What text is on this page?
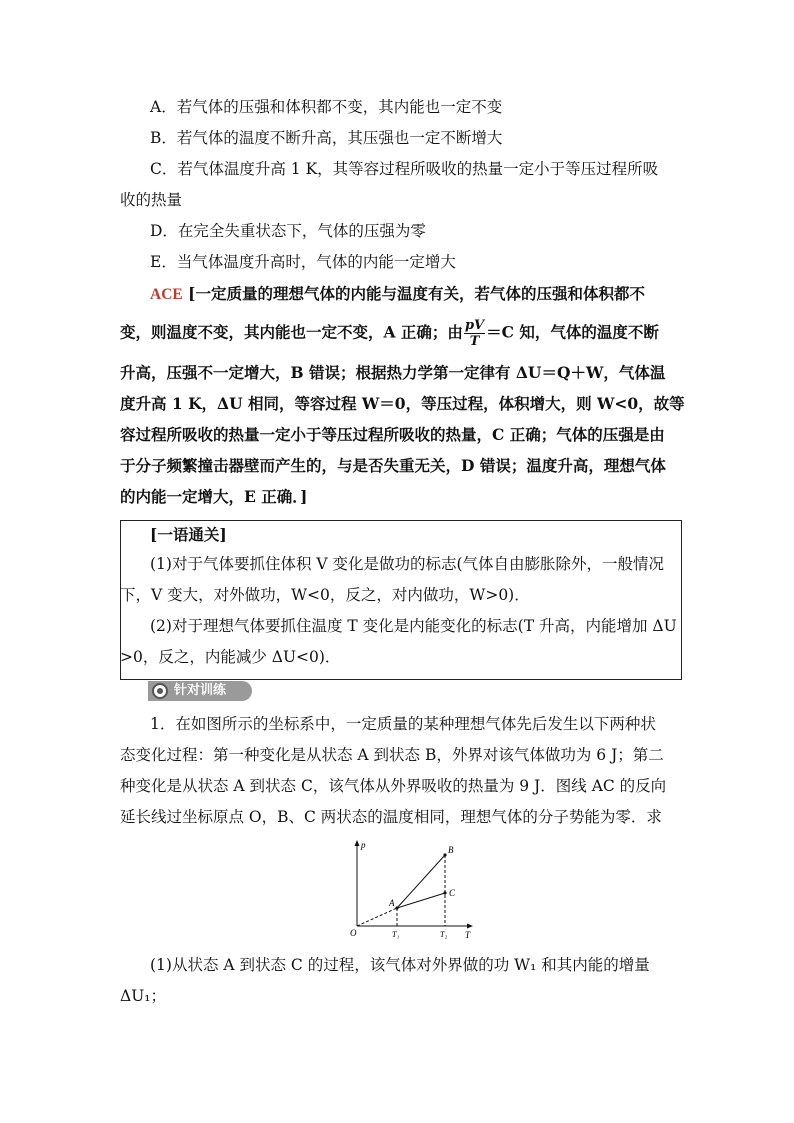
A．若气体的压强和体积都不变，其内能也一定不变
B．若气体的温度不断升高，其压强也一定不断增大
C．若气体温度升高 1 K，其等容过程所吸收的热量一定小于等压过程所吸
收的热量
D．在完全失重状态下，气体的压强为零
E．当气体温度升高时，气体的内能一定增大
ACE [一定质量的理想气体的内能与温度有关，若气体的压强和体积都不
变，则温度不变，其内能也一定不变，A 正确；由 $\frac{pV}{T} =C$ 知，气体的温度不断
升高，压强不一定增大，B 错误；根据热力学第一定律有 ΔU＝Q＋W，气体温
度升高 1 K，ΔU 相同，等容过程 W＝0，等压过程，体积增大，则 W<0，故等
容过程所吸收的热量一定小于等压过程所吸收的热量，C 正确；气体的压强是由
于分子频繁撞击器壁而产生的，与是否失重无关，D 错误；温度升高，理想气体
的内能一定增大，E 正确．]
[一语通关]
(1)对于气体要抓住体积 V 变化是做功的标志(气体自由膨胀除外，一般情况
下，V 变大，对外做功，W<0，反之，对内做功，W>0)．
(2)对于理想气体要抓住温度 T 变化是内能变化的标志(T 升高，内能增加 ΔU
>0，反之，内能减少 ΔU<0)．
针对训练
1．在如图所示的坐标系中，一定质量的某种理想气体先后发生以下两种状
态变化过程：第一种变化是从状态 A 到状态 B，外界对该气体做功为 6 J；第二
种变化是从状态 A 到状态 C，该气体从外界吸收的热量为 9 J．图线 AC 的反向
延长线过坐标原点 O，B、C 两状态的温度相同，理想气体的分子势能为零．求
p
T
O
A
B
C
T₁	T₂
(1)从状态 A 到状态 C 的过程，该气体对外界做的功 W₁ 和其内能的增量
ΔU₁；
